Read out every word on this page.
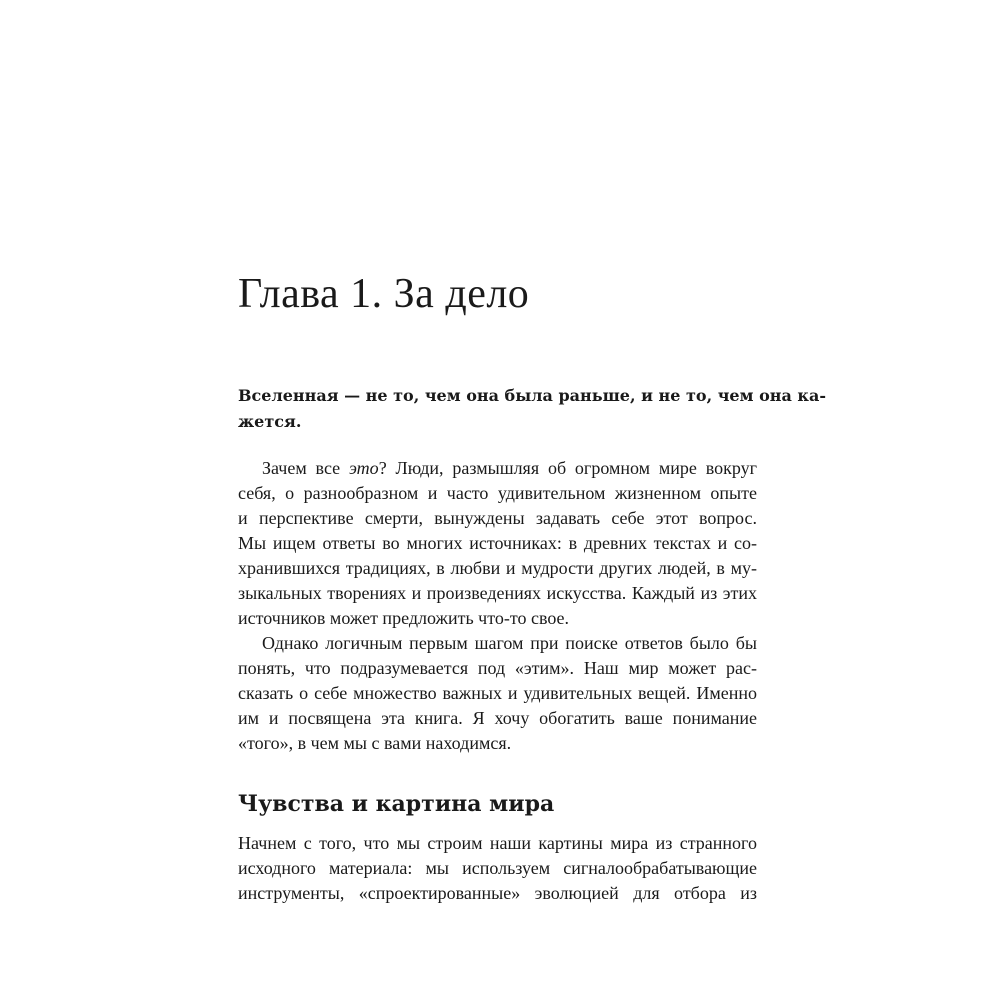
Глава 1. За дело

Вселенная — не то, чем она была раньше, и не то, чем она ка-

жется.

Зачем все это? Люди, размышляя об огромном мире вокруг

себя, о разнообразном и часто удивительном жизненном опыте

и перспективе смерти, вынуждены задавать себе этот вопрос.

Мы ищем ответы во многих источниках: в древних текстах и со-

хранившихся традициях, в любви и мудрости других людей, в му-

зыкальных творениях и произведениях искусства. Каждый из этих

источников может предложить что-то свое.

Однако логичным первым шагом при поиске ответов было бы

понять, что подразумевается под «этим». Наш мир может рас-

сказать о себе множество важных и удивительных вещей. Именно

им и посвящена эта книга. Я хочу обогатить ваше понимание

«того», в чем мы с вами находимся.

Чувства и картина мира

Начнем с того, что мы строим наши картины мира из странного

исходного материала: мы используем сигналообрабатывающие

инструменты, «спроектированные» эволюцией для отбора из
